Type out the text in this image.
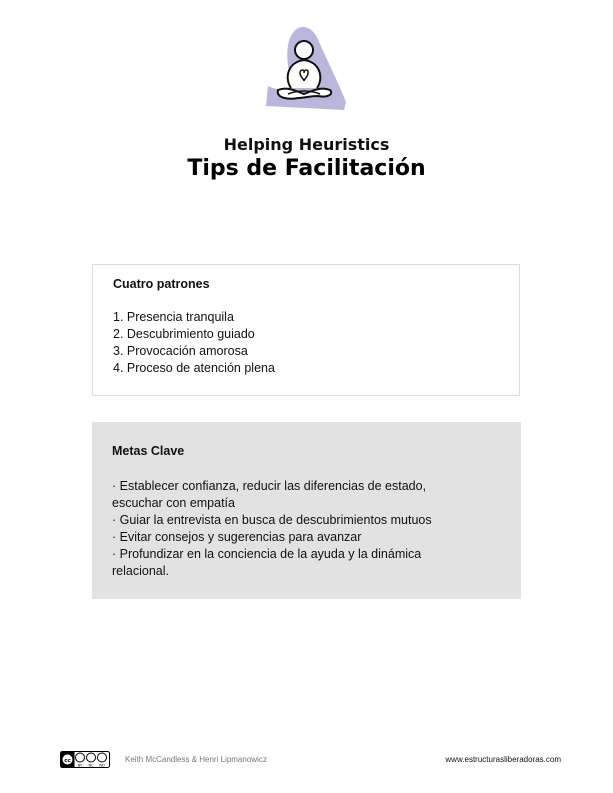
Helping Heuristics
Tips de Facilitación
Cuatro patrones
1. Presencia tranquila
2. Descubrimiento guiado
3. Provocación amorosa
4. Proceso de atención plena
Metas Clave
· Establecer confianza, reducir las diferencias de estado, escuchar con empatía
· Guiar la entrevista en busca de descubrimientos mutuos
· Evitar consejos y sugerencias para avanzar
· Profundizar en la conciencia de la ayuda y la dinámica relacional.
cc
BY NC ND
Keith McCandless & Henri Lipmanowicz	www.estructurasliberadoras.com
